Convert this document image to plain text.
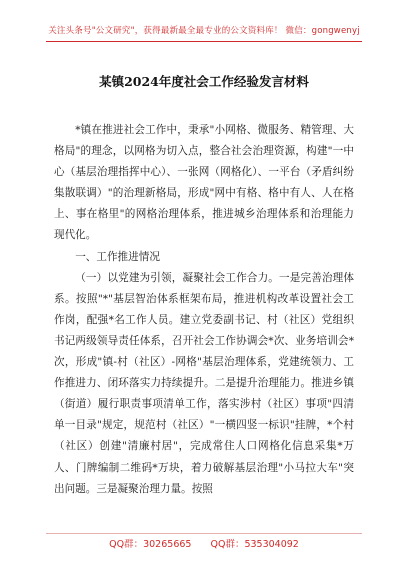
关注头条号"公文研究"，获得最新最全最专业的公文资料库！ 微信：gongwenyj
某镇2024年度社会工作经验发言材料

*镇在推进社会工作中，秉承"小网格、微服务、精管理、大格局"的理念，以网格为切入点，整合社会治理资源，构建"一中心（基层治理指挥中心）、一张网（网格化）、一平台（矛盾纠纷集散联调）"的治理新格局，形成"网中有格、格中有人、人在格上、事在格里"的网格治理体系，推进城乡治理体系和治理能力现代化。

一、工作推进情况

（一）以党建为引领，凝聚社会工作合力。一是完善治理体系。按照"*"基层智治体系框架布局，推进机构改革设置社会工作岗，配强*名工作人员。建立党委副书记、村（社区）党组织书记两级领导责任体系，召开社会工作协调会*次、业务培训会*次，形成"镇-村（社区）-网格"基层治理体系，党建统领力、工作推进力、闭环落实力持续提升。二是提升治理能力。推进乡镇（街道）履行职责事项清单工作，落实涉村（社区）事项"四清单一目录"规定，规范村（社区）"一横四竖一标识"挂牌，*个村（社区）创建"清廉村居"，完成常住人口网格化信息采集*万人、门牌编制二维码*万块，着力破解基层治理"小马拉大车"突出问题。三是凝聚治理力量。按照

QQ群：30265665 QQ群：535304092
